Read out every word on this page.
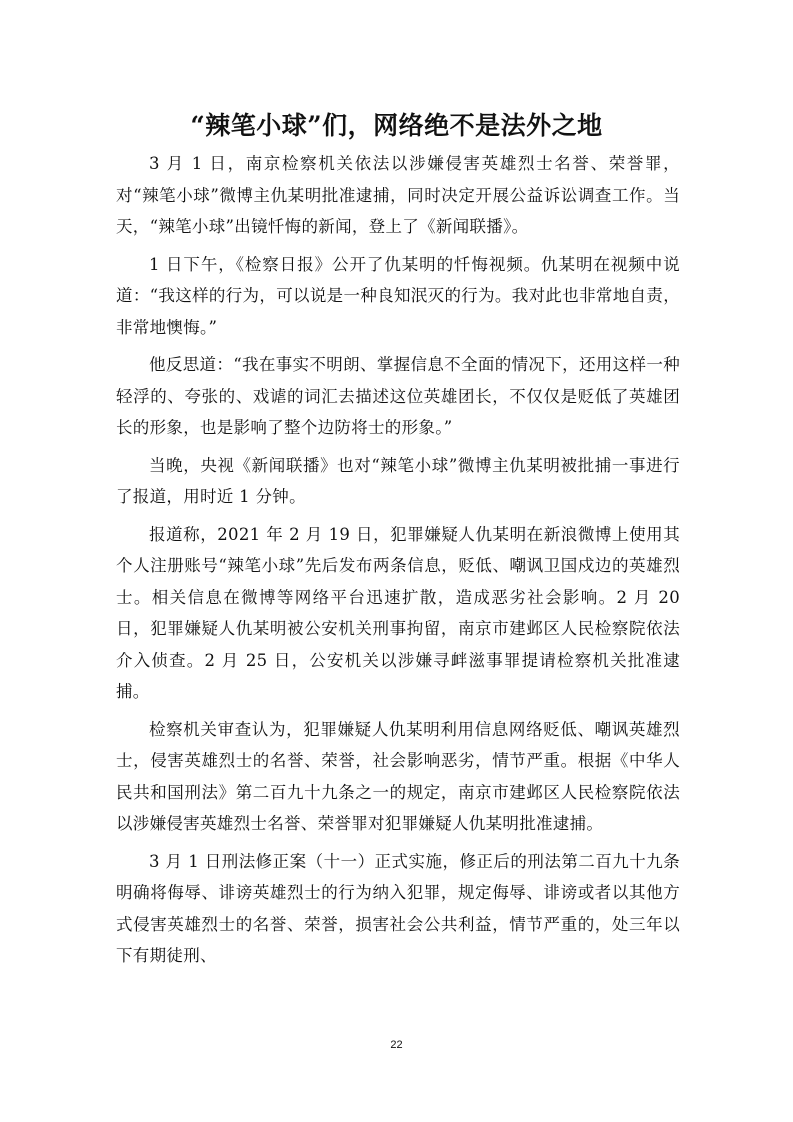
“辣笔小球”们，网络绝不是法外之地

3 月 1 日，南京检察机关依法以涉嫌侵害英雄烈士名誉、荣誉罪，对“辣笔小球”微博主仇某明批准逮捕，同时决定开展公益诉讼调查工作。当天，“辣笔小球”出镜忏悔的新闻，登上了《新闻联播》。

1 日下午，《检察日报》公开了仇某明的忏悔视频。仇某明在视频中说道：“我这样的行为，可以说是一种良知泯灭的行为。我对此也非常地自责，非常地懊悔。”

他反思道：“我在事实不明朗、掌握信息不全面的情况下，还用这样一种轻浮的、夸张的、戏谑的词汇去描述这位英雄团长，不仅仅是贬低了英雄团长的形象，也是影响了整个边防将士的形象。”

当晚，央视《新闻联播》也对“辣笔小球”微博主仇某明被批捕一事进行了报道，用时近 1 分钟。

报道称，2021 年 2 月 19 日，犯罪嫌疑人仇某明在新浪微博上使用其个人注册账号“辣笔小球”先后发布两条信息，贬低、嘲讽卫国戍边的英雄烈士。相关信息在微博等网络平台迅速扩散，造成恶劣社会影响。2 月 20 日，犯罪嫌疑人仇某明被公安机关刑事拘留，南京市建邺区人民检察院依法介入侦查。2 月 25 日，公安机关以涉嫌寻衅滋事罪提请检察机关批准逮捕。

检察机关审查认为，犯罪嫌疑人仇某明利用信息网络贬低、嘲讽英雄烈士，侵害英雄烈士的名誉、荣誉，社会影响恶劣，情节严重。根据《中华人民共和国刑法》第二百九十九条之一的规定，南京市建邺区人民检察院依法以涉嫌侵害英雄烈士名誉、荣誉罪对犯罪嫌疑人仇某明批准逮捕。

3 月 1 日刑法修正案（十一）正式实施，修正后的刑法第二百九十九条明确将侮辱、诽谤英雄烈士的行为纳入犯罪，规定侮辱、诽谤或者以其他方式侵害英雄烈士的名誉、荣誉，损害社会公共利益，情节严重的，处三年以下有期徒刑、

22
